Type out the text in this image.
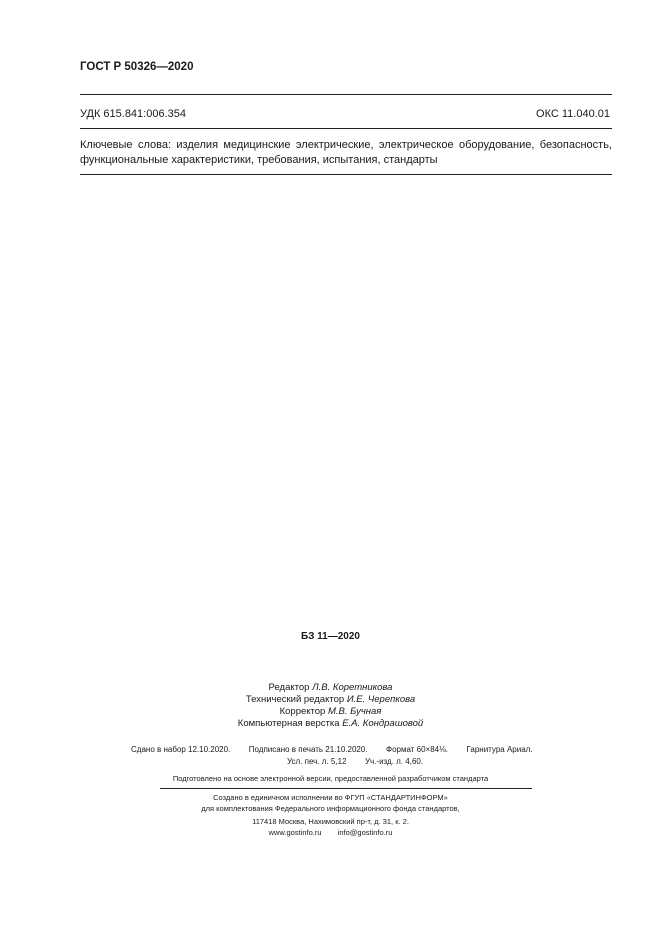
ГОСТ Р 50326—2020
УДК 615.841:006.354	ОКС 11.040.01
Ключевые слова: изделия медицинские электрические, электрическое оборудование, безопасность, функциональные характеристики, требования, испытания, стандарты
БЗ 11—2020
Редактор Л.В. Коретникова
Технический редактор И.Е. Черепкова
Корректор М.В. Бучная
Компьютерная верстка Е.А. Кондрашовой
Сдано в набор 12.10.2020. Подписано в печать 21.10.2020. Формат 60×84⅛. Гарнитура Ариал.
Усл. печ. л. 5,12 Уч.-изд. л. 4,60.
Подготовлено на основе электронной версии, предоставленной разработчиком стандарта
Создано в единичном исполнении во ФГУП «СТАНДАРТИНФОРМ»
для комплектования Федерального информационного фонда стандартов,
117418 Москва, Нахимовский пр-т, д. 31, к. 2.
www.gostinfo.ru info@gostinfo.ru
